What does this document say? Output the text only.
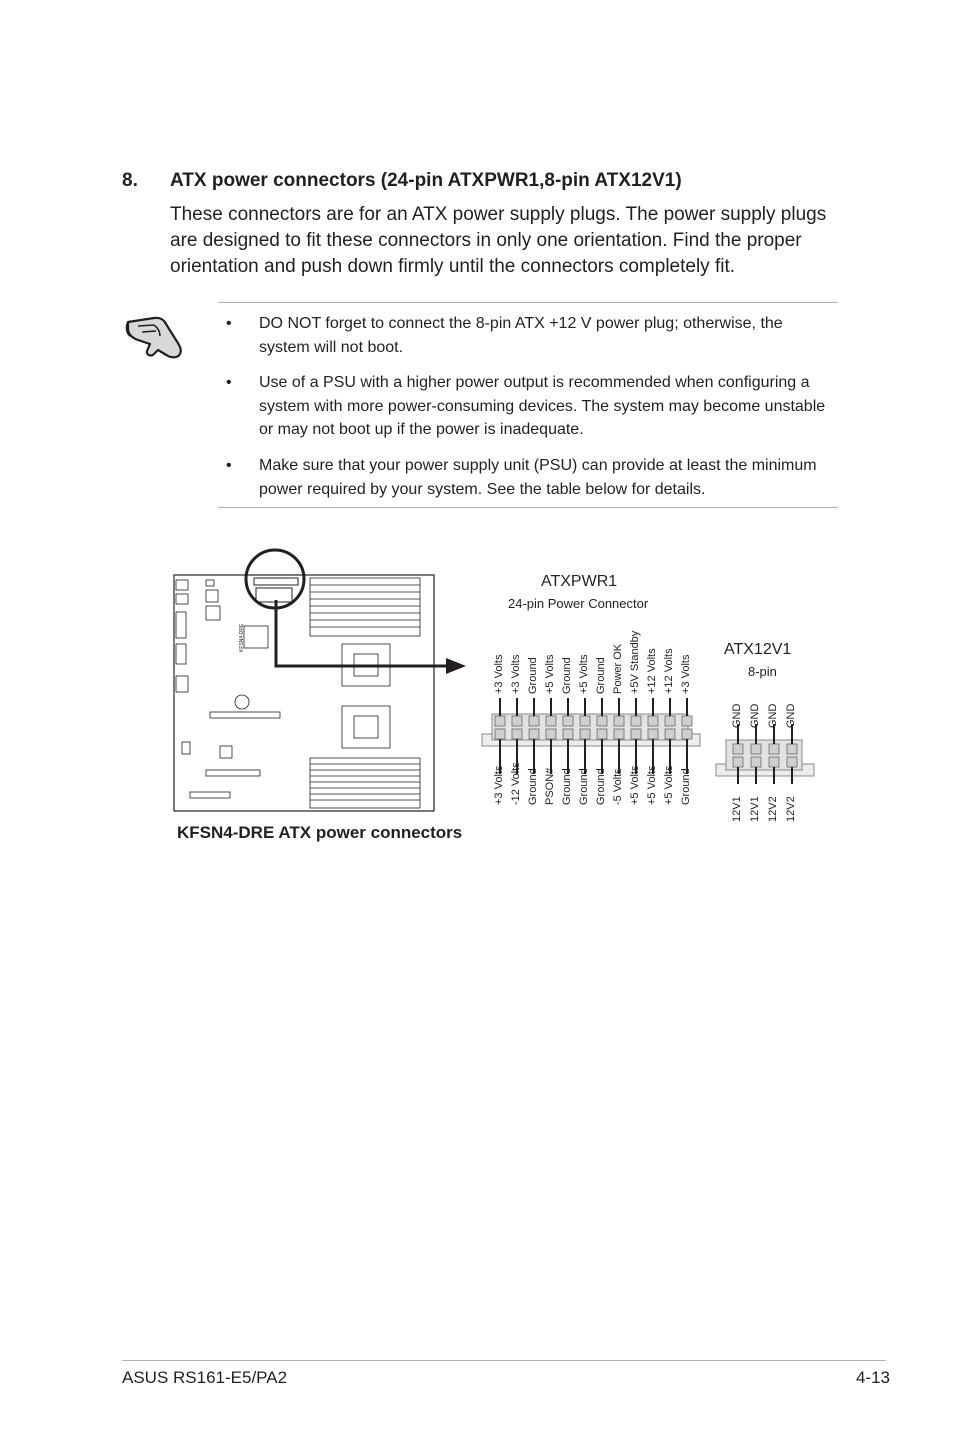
8. ATX power connectors (24-pin ATXPWR1,8-pin ATX12V1)
These connectors are for an ATX power supply plugs. The power supply plugs are designed to fit these connectors in only one orientation. Find the proper orientation and push down firmly until the connectors completely fit.
• DO NOT forget to connect the 8-pin ATX +12 V power plug; otherwise, the system will not boot.
• Use of a PSU with a higher power output is recommended when configuring a system with more power-consuming devices. The system may become unstable or may not boot up if the power is inadequate.
• Make sure that your power supply unit (PSU) can provide at least the minimum power required by your system. See the table below for details.
KFSN4-DRE
ATXPWR1
24-pin Power Connector
+3 Volts +3 Volts Ground +5 Volts Ground +5 Volts Ground Power OK +5V Standby +12 Volts +12 Volts +3 Volts
+3 Volts -12 Volts Ground PSON# Ground Ground Ground -5 Volts +5 Volts +5 Volts +5 Volts Ground
ATX12V1
8-pin
GND GND GND GND
12V1 12V1 12V2 12V2
KFSN4-DRE ATX power connectors
ASUS RS161-E5/PA2	4-13
